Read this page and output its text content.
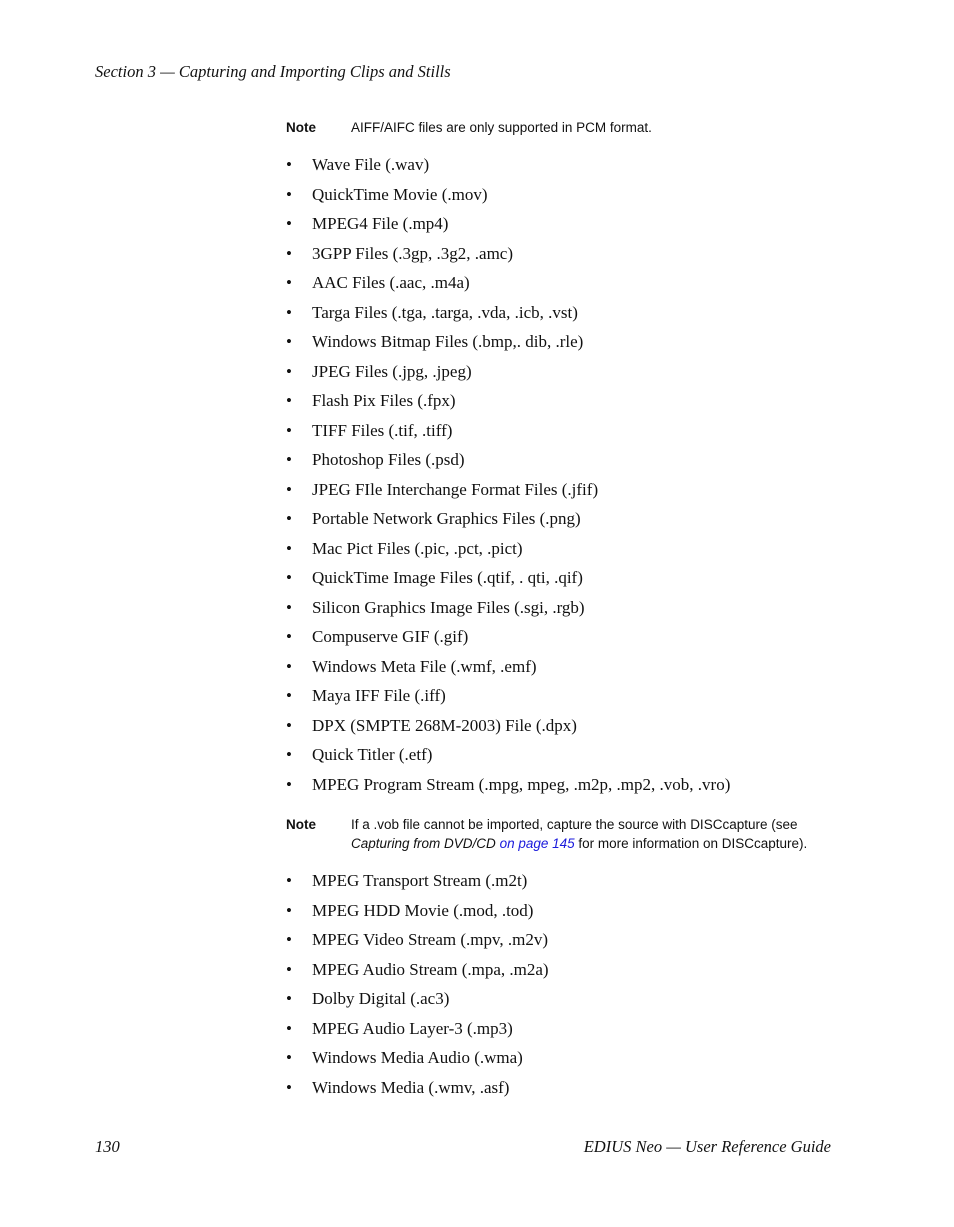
Section 3 — Capturing and Importing Clips and Stills
Note	AIFF/AIFC files are only supported in PCM format.
• Wave File (.wav)
• QuickTime Movie (.mov)
• MPEG4 File (.mp4)
• 3GPP Files (.3gp, .3g2, .amc)
• AAC Files (.aac, .m4a)
• Targa Files (.tga, .targa, .vda, .icb, .vst)
• Windows Bitmap Files (.bmp,. dib, .rle)
• JPEG Files (.jpg, .jpeg)
• Flash Pix Files (.fpx)
• TIFF Files (.tif, .tiff)
• Photoshop Files (.psd)
• JPEG FIle Interchange Format Files (.jfif)
• Portable Network Graphics Files (.png)
• Mac Pict Files (.pic, .pct, .pict)
• QuickTime Image Files (.qtif, . qti, .qif)
• Silicon Graphics Image Files (.sgi, .rgb)
• Compuserve GIF (.gif)
• Windows Meta File (.wmf, .emf)
• Maya IFF File (.iff)
• DPX (SMPTE 268M-2003) File (.dpx)
• Quick Titler (.etf)
• MPEG Program Stream (.mpg, mpeg, .m2p, .mp2, .vob, .vro)
Note	If a .vob file cannot be imported, capture the source with DISCcapture (see Capturing from DVD/CD on page 145 for more information on DISCcapture).
• MPEG Transport Stream (.m2t)
• MPEG HDD Movie (.mod, .tod)
• MPEG Video Stream (.mpv, .m2v)
• MPEG Audio Stream (.mpa, .m2a)
• Dolby Digital (.ac3)
• MPEG Audio Layer-3 (.mp3)
• Windows Media Audio (.wma)
• Windows Media (.wmv, .asf)
130	EDIUS Neo — User Reference Guide
